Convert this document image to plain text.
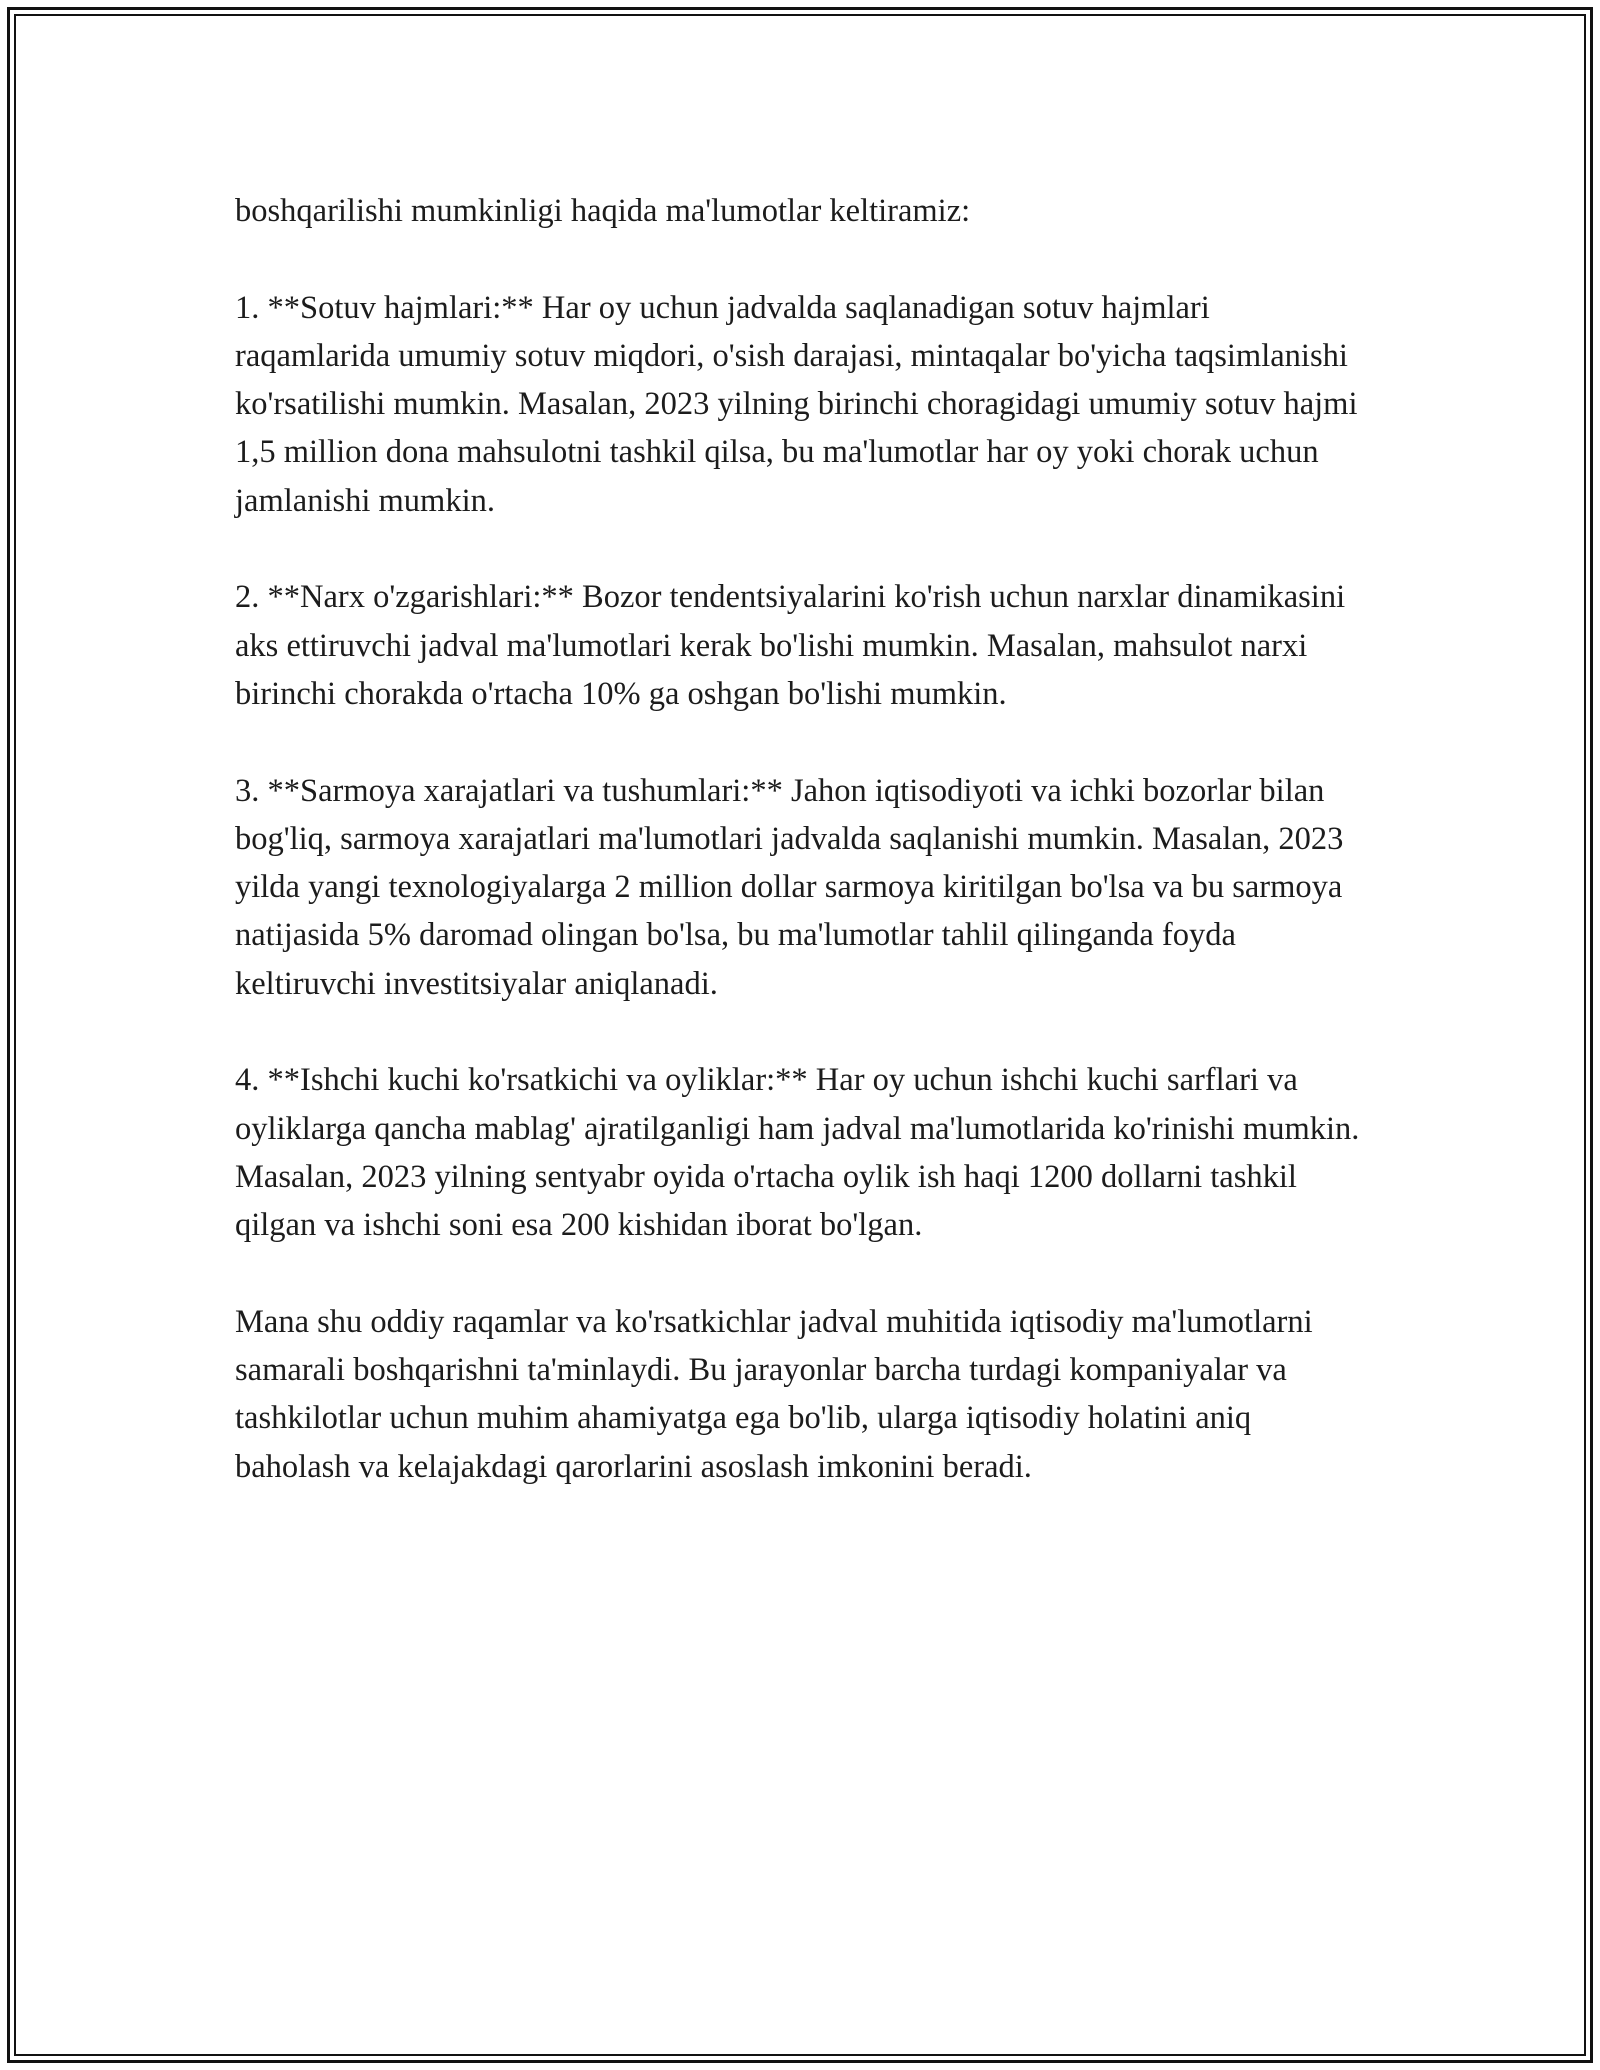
boshqarilishi mumkinligi haqida ma'lumotlar keltiramiz:

1. **Sotuv hajmlari:** Har oy uchun jadvalda saqlanadigan sotuv hajmlari raqamlarida umumiy sotuv miqdori, o'sish darajasi, mintaqalar bo'yicha taqsimlanishi ko'rsatilishi mumkin. Masalan, 2023 yilning birinchi choragidagi umumiy sotuv hajmi 1,5 million dona mahsulotni tashkil qilsa, bu ma'lumotlar har oy yoki chorak uchun jamlanishi mumkin.

2. **Narx o'zgarishlari:** Bozor tendentsiyalarini ko'rish uchun narxlar dinamikasini aks ettiruvchi jadval ma'lumotlari kerak bo'lishi mumkin. Masalan, mahsulot narxi birinchi chorakda o'rtacha 10% ga oshgan bo'lishi mumkin.

3. **Sarmoya xarajatlari va tushumlari:** Jahon iqtisodiyoti va ichki bozorlar bilan bog'liq, sarmoya xarajatlari ma'lumotlari jadvalda saqlanishi mumkin. Masalan, 2023 yilda yangi texnologiyalarga 2 million dollar sarmoya kiritilgan bo'lsa va bu sarmoya natijasida 5% daromad olingan bo'lsa, bu ma'lumotlar tahlil qilinganda foyda keltiruvchi investitsiyalar aniqlanadi.

4. **Ishchi kuchi ko'rsatkichi va oyliklar:** Har oy uchun ishchi kuchi sarflari va oyliklarga qancha mablag' ajratilganligi ham jadval ma'lumotlarida ko'rinishi mumkin. Masalan, 2023 yilning sentyabr oyida o'rtacha oylik ish haqi 1200 dollarni tashkil qilgan va ishchi soni esa 200 kishidan iborat bo'lgan.

Mana shu oddiy raqamlar va ko'rsatkichlar jadval muhitida iqtisodiy ma'lumotlarni samarali boshqarishni ta'minlaydi. Bu jarayonlar barcha turdagi kompaniyalar va tashkilotlar uchun muhim ahamiyatga ega bo'lib, ularga iqtisodiy holatini aniq baholash va kelajakdagi qarorlarini asoslash imkonini beradi.
